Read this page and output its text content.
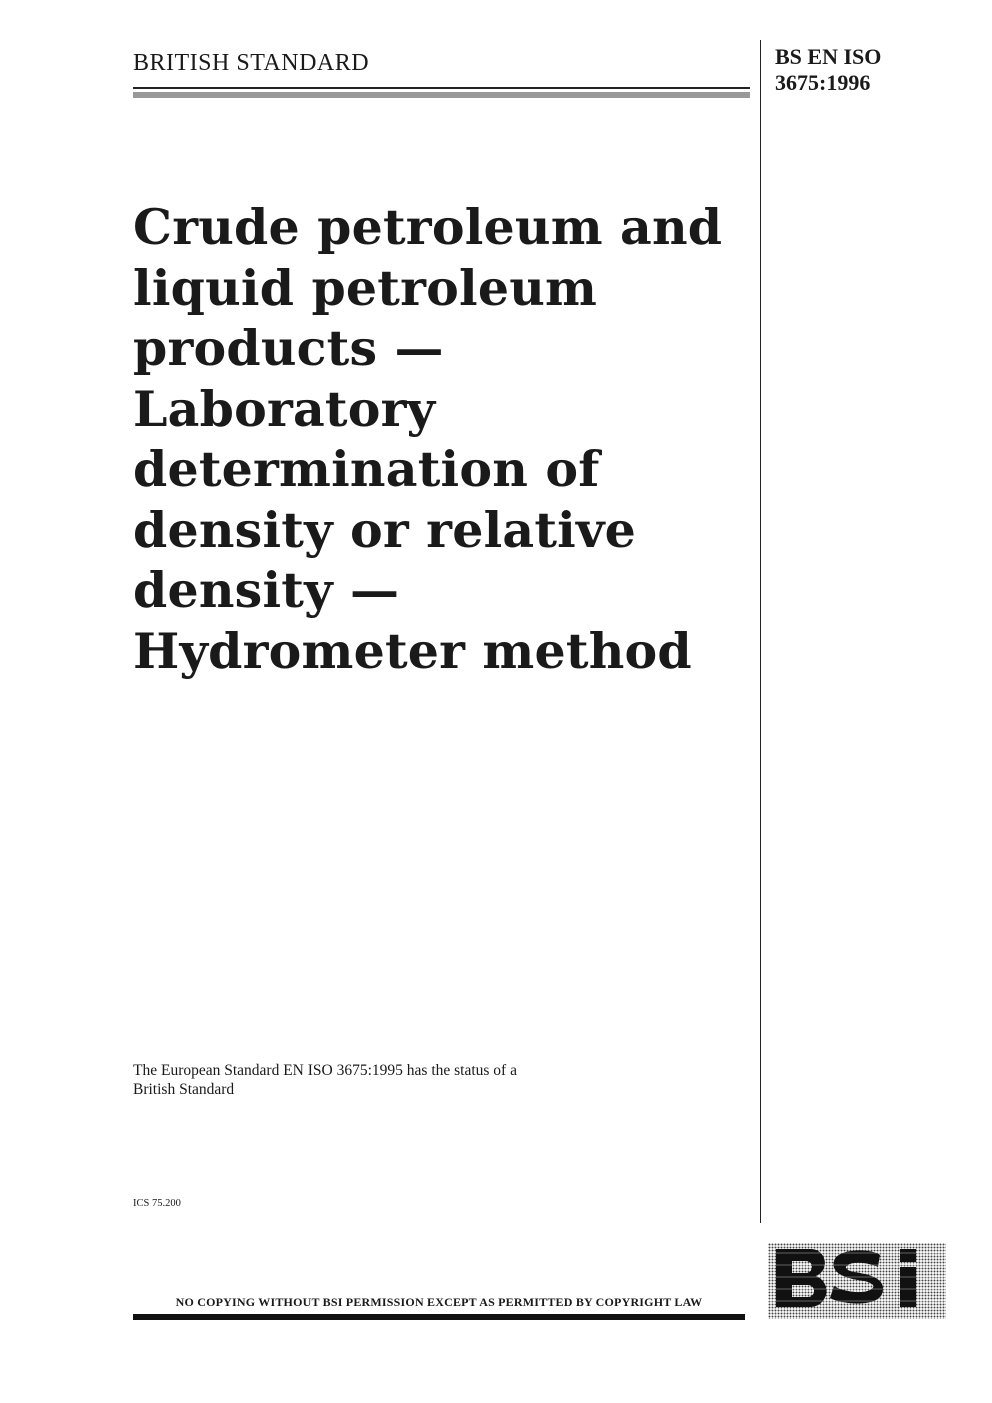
BRITISH STANDARD	BS EN ISO
3675:1996
Crude petroleum and
liquid petroleum
products —
Laboratory
determination of
density or relative
density —
Hydrometer method
The European Standard EN ISO 3675:1995 has the status of a
British Standard
ICS 75.200
NO COPYING WITHOUT BSI PERMISSION EXCEPT AS PERMITTED BY COPYRIGHT LAW
